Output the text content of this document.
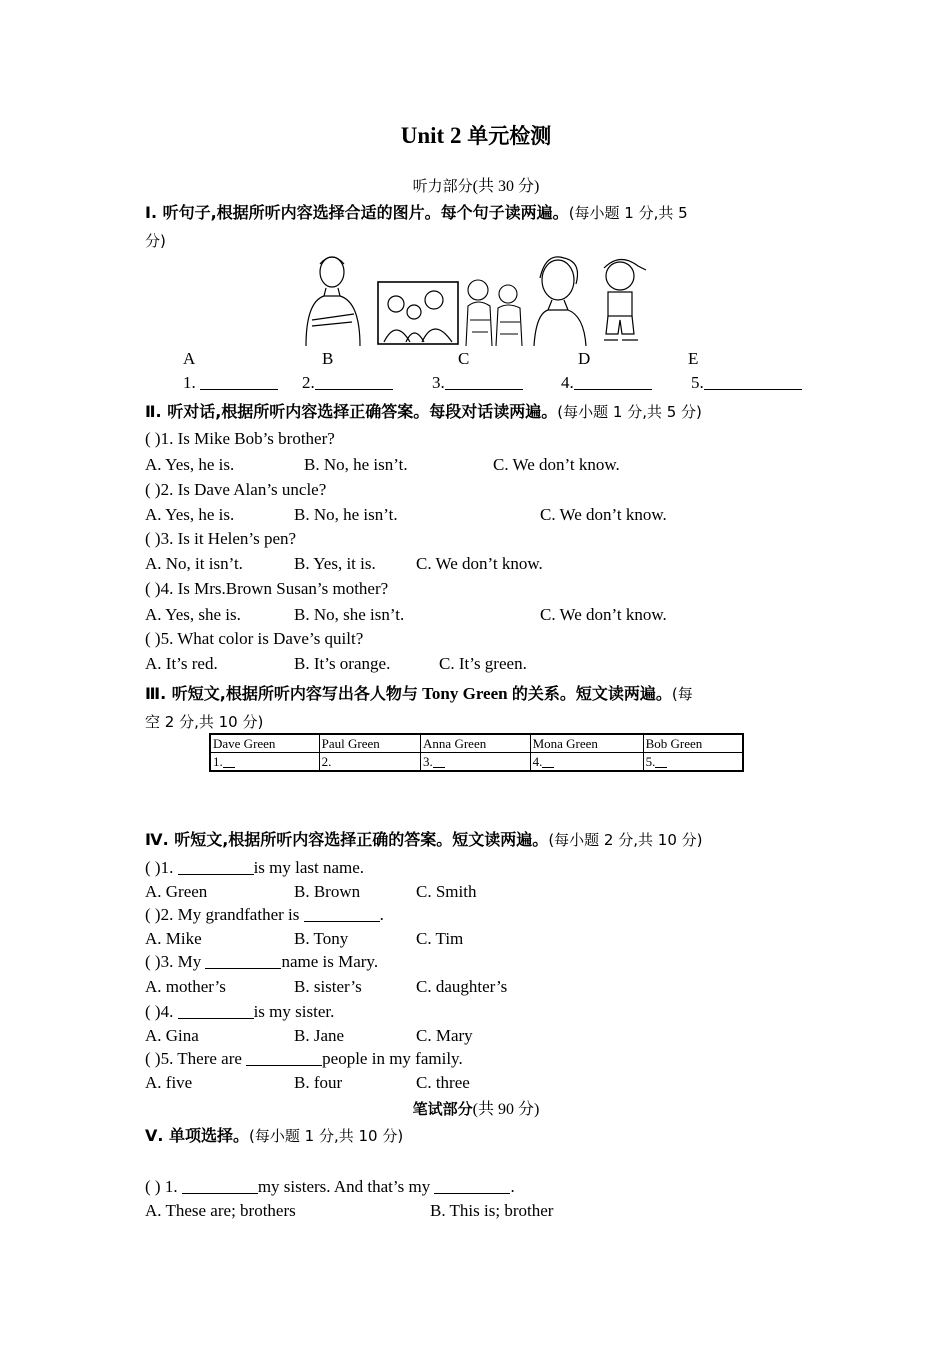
Unit 2 单元检测
听力部分(共 30 分)
Ⅰ. 听句子,根据所听内容选择合适的图片。每个句子读两遍。(每小题 1 分,共 5
分)
A	B	C	D	E
1.	2.	3.	4.	5.
Ⅱ. 听对话,根据所听内容选择正确答案。每段对话读两遍。(每小题 1 分,共 5 分)
( )1. Is Mike Bob’s brother?
A. Yes, he is.	B. No, he isn’t.	C. We don’t know.
( )2. Is Dave Alan’s uncle?
A. Yes, he is.	B. No, he isn’t.	C. We don’t know.
( )3. Is it Helen’s pen?
A. No, it isn’t.	B. Yes, it is. C. We don’t know.
( )4. Is Mrs.Brown Susan’s mother?
A. Yes, she is.	B. No, she isn’t.	C. We don’t know.
( )5. What color is Dave’s quilt?
A. It’s red.	B. It’s orange.	C. It’s green.
Ⅲ. 听短文,根据所听内容写出各人物与 Tony Green 的关系。短文读两遍。(每
空 2 分,共 10 分)
Dave Green	Paul Green	Anna Green	Mona Green	Bob Green
1.	2.	3.	4.	5.
Ⅳ. 听短文,根据所听内容选择正确的答案。短文读两遍。(每小题 2 分,共 10 分)
( )1.	is my last name.
A. Green	B. Brown	C. Smith
( )2. My grandfather is	.
A. Mike	B. Tony	C. Tim
( )3. My	name is Mary.
A. mother’s	B. sister’s	C. daughter’s
( )4.	is my sister.
A. Gina	B. Jane	C. Mary
( )5. There are	people in my family.
A. five	B. four	C. three
笔试部分(共 90 分)
Ⅴ. 单项选择。(每小题 1 分,共 10 分)
( ) 1.	my sisters. And that’s my	.
A. These are; brothers	B. This is; brother
